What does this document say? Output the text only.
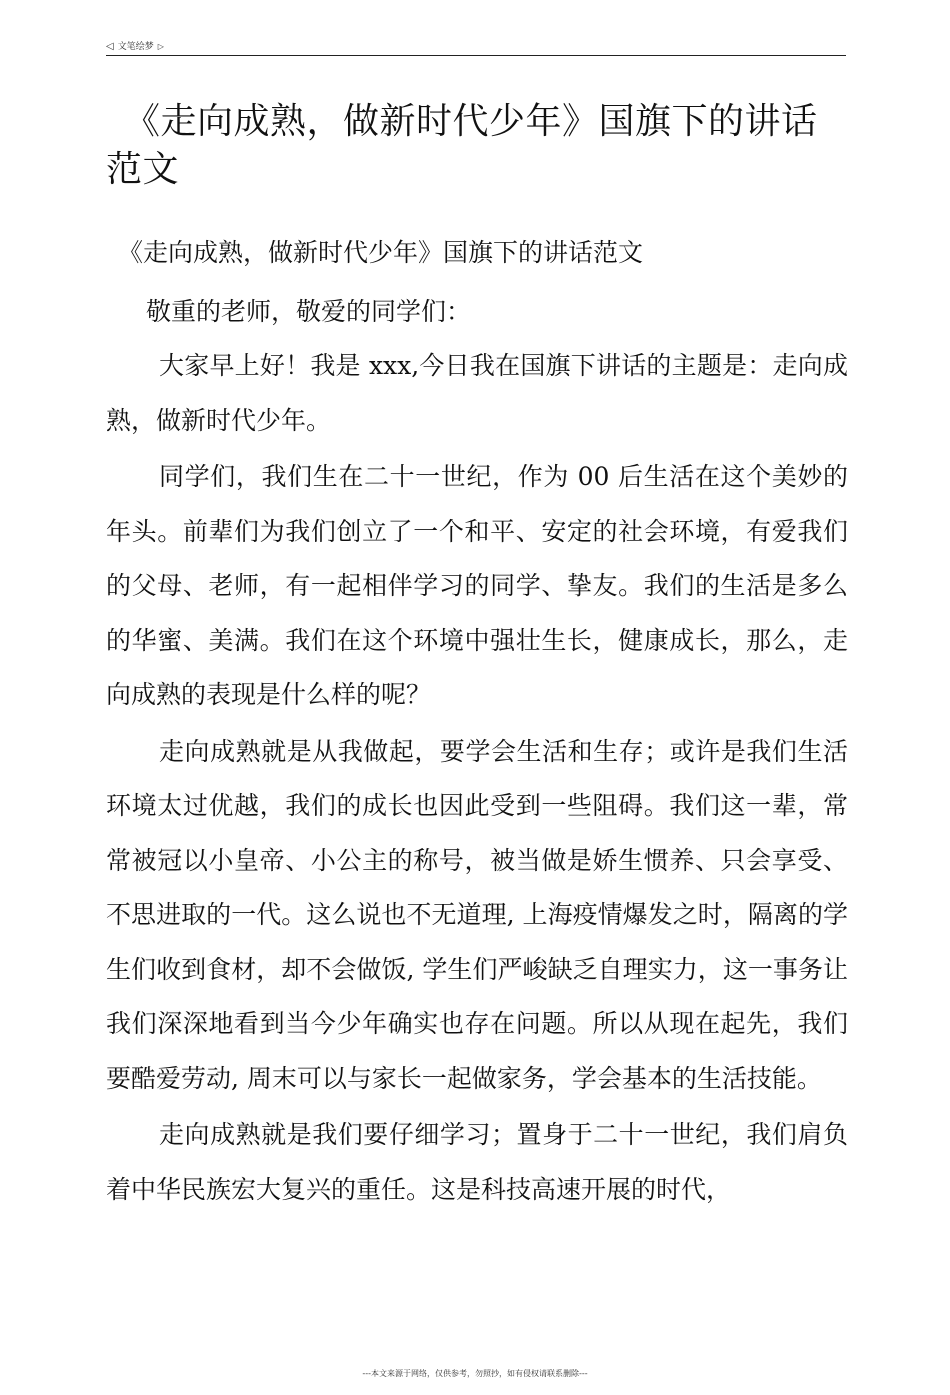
◁ 文笔绘梦 ▷
《走向成熟，做新时代少年》国旗下的讲话范文

《走向成熟，做新时代少年》国旗下的讲话范文

敬重的老师，敬爱的同学们：

大家早上好！我是 xxx,今日我在国旗下讲话的主题是：走向成熟，做新时代少年。

同学们，我们生在二十一世纪，作为 00 后生活在这个美妙的年头。前辈们为我们创立了一个和平、安定的社会环境，有爱我们的父母、老师，有一起相伴学习的同学、挚友。我们的生活是多么的华蜜、美满。我们在这个环境中强壮生长，健康成长，那么，走向成熟的表现是什么样的呢？

走向成熟就是从我做起，要学会生活和生存；或许是我们生活环境太过优越，我们的成长也因此受到一些阻碍。我们这一辈，常常被冠以小皇帝、小公主的称号，被当做是娇生惯养、只会享受、不思进取的一代。这么说也不无道理, 上海疫情爆发之时，隔离的学生们收到食材，却不会做饭, 学生们严峻缺乏自理实力，这一事务让我们深深地看到当今少年确实也存在问题。所以从现在起先，我们要酷爱劳动, 周末可以与家长一起做家务，学会基本的生活技能。

走向成熟就是我们要仔细学习；置身于二十一世纪，我们肩负着中华民族宏大复兴的重任。这是科技高速开展的时代，

---本文来源于网络，仅供参考，勿照抄，如有侵权请联系删除---
